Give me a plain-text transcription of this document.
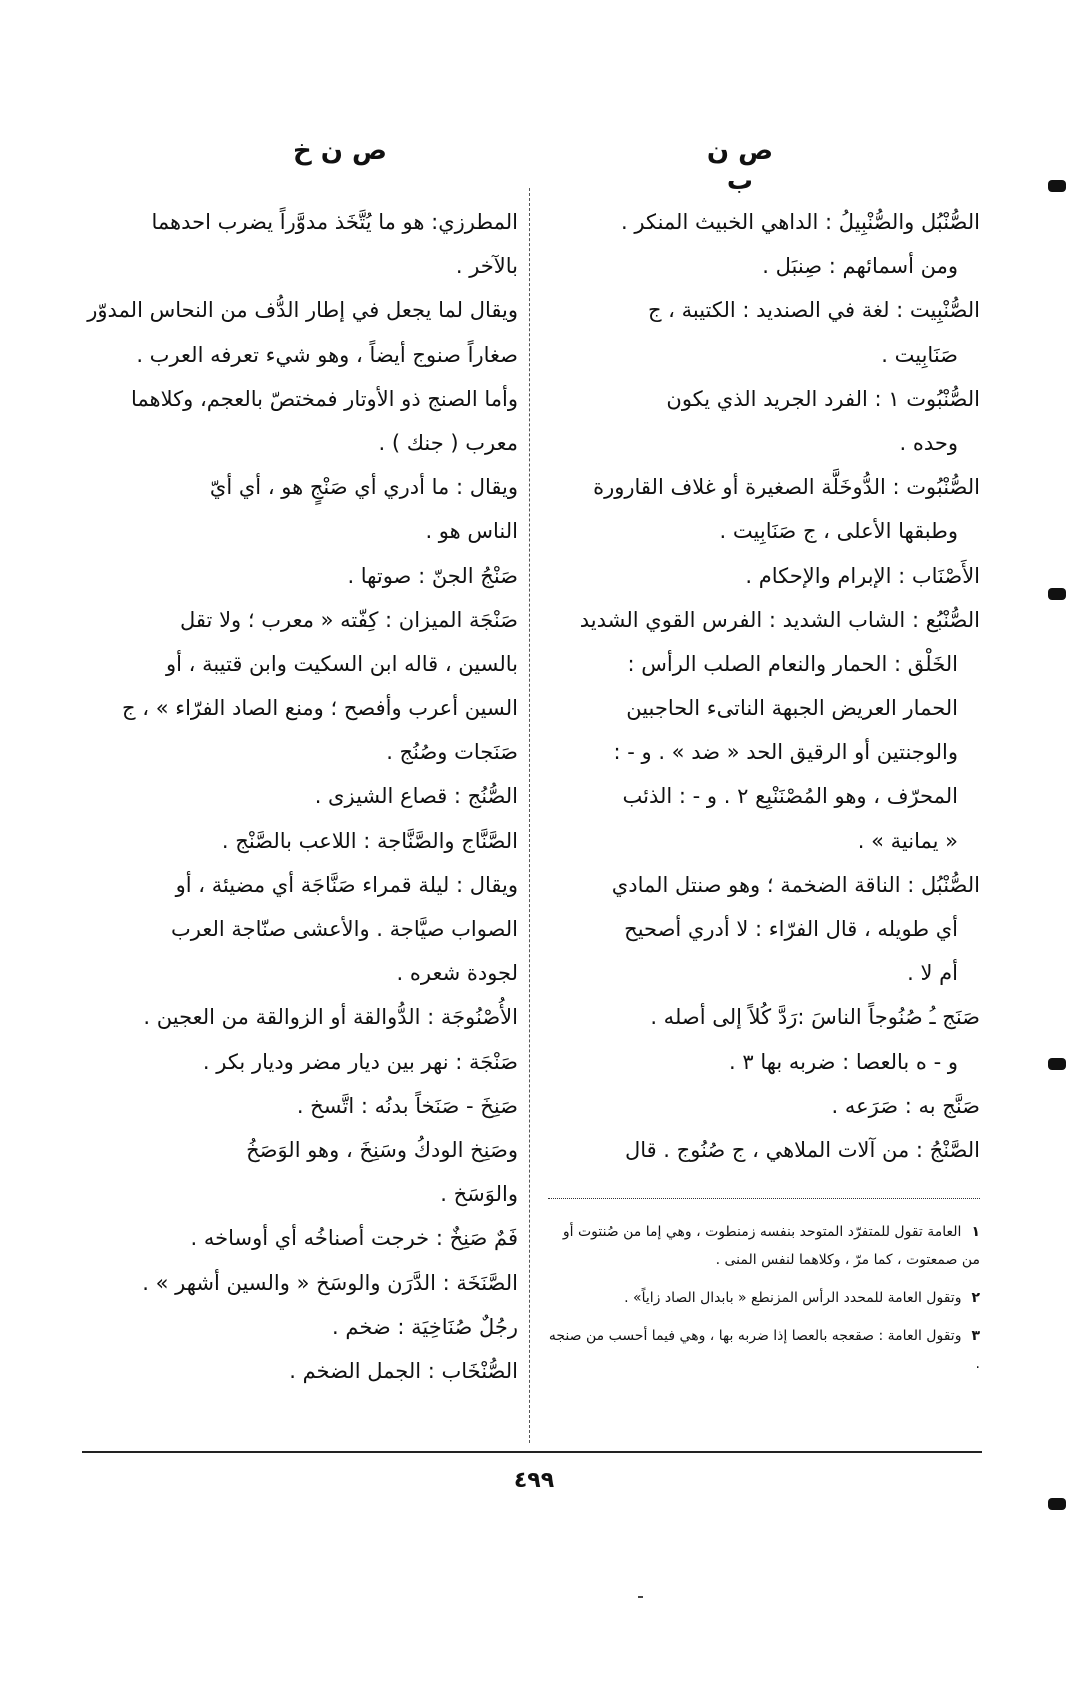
ص ن ب
ص ن خ
الصُّنْبُل والصُّنْبِيلُ : الداهي الخبيث المنكر .
ومن أسمائهم : صِنبَل .
الصُّنْبِيت : لغة في الصنديد : الكتيبة ، ج
صَنَابِيت .
الصُّنْبُوت ١ : الفرد الجريد الذي يكون
وحده .
الصُّنْبُوت : الدُّوخَلَّة الصغيرة أو غلاف القارورة
وطبقها الأعلى ، ج صَنَابِيت .
الأَصْنَاب : الإبرام والإحكام .
الصُّنْبُع : الشاب الشديد : الفرس القوي الشديد
الخَلْق : الحمار والنعام الصلب الرأس :
الحمار العريض الجبهة الناتىء الحاجبين
والوجنتين أو الرقيق الحد « ضد » . و - :
المحرّف ، وهو المُصْنَنْبِع ٢ . و - : الذئب
« يمانية » .
الصُّنْبُل : الناقة الضخمة ؛ وهو صنتل المادي
أي طويله ، قال الفرّاء : لا أدري أصحيح
أم لا .
صَنَج ـُ صُنُوجاً الناسَ :رَدَّ كُلاً إلى أصله .
و - ه بالعصا : ضربه بها ٣ .
صَنَّج به : صَرَعه .
الصَّنْجُ : من آلات الملاهي ، ج صُنُوج . قال
١العامة تقول للمتفرّد المتوحد بنفسه زمنطوت ، وهي إما من صُنتوت أو من صمعتوت ، كما مرّ ، وكلاهما لنفس المنى .
٢وتقول العامة للمحدد الرأس المزنطع « بابدال الصاد زاياً» .
٣وتقول العامة : صقعجه بالعصا إذا ضربه بها ، وهي فيما أحسب من صنجه .
المطرزي: هو ما يُتَّخَذ مدوَّراً يضرب احدهما
بالآخر .
ويقال لما يجعل في إطار الدُّف من النحاس المدوّر
صغاراً صنوج أيضاً ، وهو شيء تعرفه العرب .
وأما الصنج ذو الأوتار فمختصّ بالعجم، وكلاهما
معرب ( جنك ) .
ويقال : ما أدري أي صَنْجٍ هو ، أي أيّ
الناس هو .
صَنْجُ الجنّ : صوتها .
صَنْجَة الميزان : كِفّته « معرب ؛ ولا تقل
بالسين ، قاله ابن السكيت وابن قتيبة ، أو
السين أعرب وأفصح ؛ ومنع الصاد الفرّاء » ، ج
صَنَجات وصُنُج .
الصُّنُج : قصاع الشيزى .
الصَّنَّاج والصَّنَّاجة : اللاعب بالصَّنْج .
ويقال : ليلة قمراء صَنَّاجَة أي مضيئة ، أو
الصواب صيَّاجة . والأعشى صنّاجة العرب
لجودة شعره .
الأُصْنُوجَة : الدُّوالقة أو الزوالقة من العجين .
صَنْجَة : نهر بين ديار مضر وديار بكر .
صَنِخَ - صَنَخاً بدنُه : اتَّسخ .
وصَنِخ الودكُ وسَنِخَ ، وهو الوَصَخُ
والوَسَخ .
فَمٌ صَنِخٌ : خرجت أصناخُه أي أوساخه .
الصَّنَخَة : الدَّرَن والوسَخ « والسين أشهر » .
رجُلٌ صُنَاخِيَة : ضخم .
الصُّنْخَاب : الجمل الضخم .
٤٩٩
